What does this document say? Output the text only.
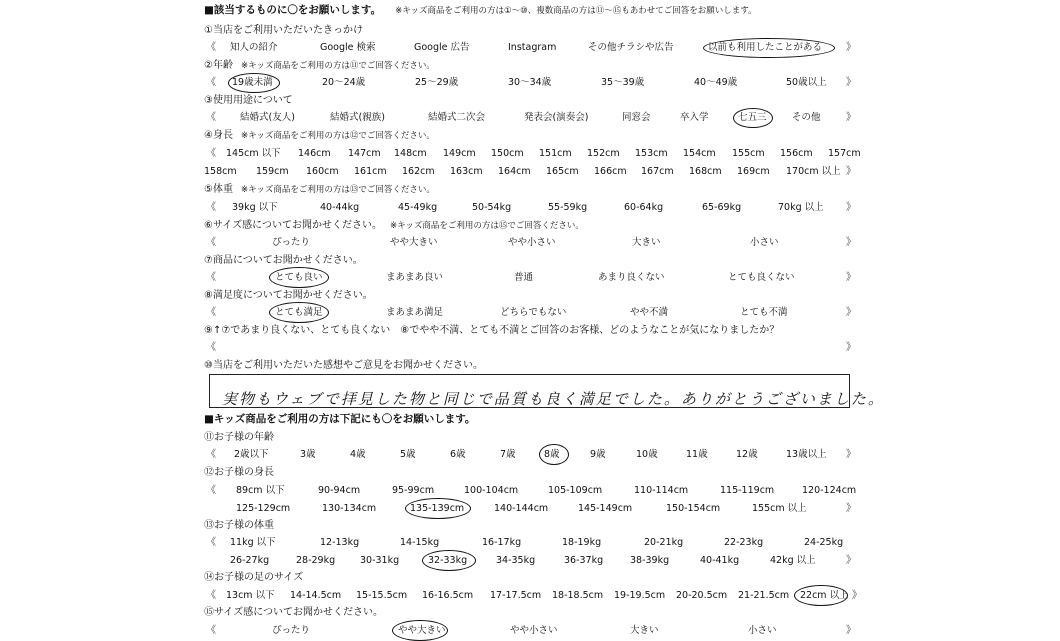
■該当するものに〇をお願いします。 ※キッズ商品をご利用の方は①〜⑩、複数商品の方は⑪〜⑮もあわせてご回答をお願いします。
①当店をご利用いただいたきっかけ
《 知人の紹介	Google 検索	Google 広告	Instagram	その他チラシや広告	以前も利用したことがある 》
②年齢 ※キッズ商品をご利用の方は⑪でご回答ください。
《 19歳未満	20～24歳	25～29歳	30～34歳	35～39歳	40～49歳	50歳以上 》
③使用用途について
《	結婚式(友人)	結婚式(親族)	結婚式二次会	発表会(演奏会)	同窓会	卒入学	七五三	その他	》
④身長 ※キッズ商品をご利用の方は⑫でご回答ください。
《 145cm 以下 146cm 147cm 148cm 149cm 150cm 151cm 152cm 153cm 154cm 155cm 156cm 157cm
158cm 159cm 160cm 161cm 162cm 163cm 164cm 165cm 166cm 167cm 168cm 169cm 170cm 以上 》
⑤体重 ※キッズ商品をご利用の方は⑬でご回答ください。
《 39kg 以下	40-44kg	45-49kg	50-54kg	55-59kg	60-64kg	65-69kg	70kg 以上 》
⑥サイズ感についてお聞かせください。 ※キッズ商品をご利用の方は⑮でご回答ください。
《	ぴったり	やや大きい	やや小さい	大きい	小さい	》
⑦商品についてお聞かせください。
《	とても良い	まあまあ良い	普通	あまり良くない	とても良くない	》
⑧満足度についてお聞かせください。
《	とても満足	まあまあ満足	どちらでもない	やや不満	とても不満	》
⑨↑⑦であまり良くない、とても良くない　⑧でやや不満、とても不満とご回答のお客様、どのようなことが気になりましたか？
《	》
⑩当店をご利用いただいた感想やご意見をお聞かせください。
実物もウェブで拝見した物と同じで品質も良く満足でした。ありがとうございました。
■キッズ商品をご利用の方は下記にも〇をお願いします。
⑪お子様の年齢
《 2歳以下	3歳	4歳	5歳	6歳	7歳	8歳	9歳	10歳	11歳	12歳	13歳以上 》
⑫お子様の身長
《 89cm 以下	90-94cm	95-99cm	100-104cm	105-109cm	110-114cm	115-119cm	120-124cm
125-129cm	130-134cm	135-139cm	140-144cm	145-149cm	150-154cm	155cm 以上	》
⑬お子様の体重
《 11kg 以下	12-13kg	14-15kg	16-17kg	18-19kg	20-21kg	22-23kg	24-25kg
26-27kg	28-29kg	30-31kg	32-33kg	34-35kg	36-37kg	38-39kg	40-41kg	42kg 以上	》
⑭お子様の足のサイズ
《 13cm 以下 14-14.5cm 15-15.5cm 16-16.5cm 17-17.5cm 18-18.5cm 19-19.5cm 20-20.5cm 21-21.5cm 22cm 以上 》
⑮サイズ感についてお聞かせください。
《	ぴったり	やや大きい	やや小さい	大きい	小さい	》
